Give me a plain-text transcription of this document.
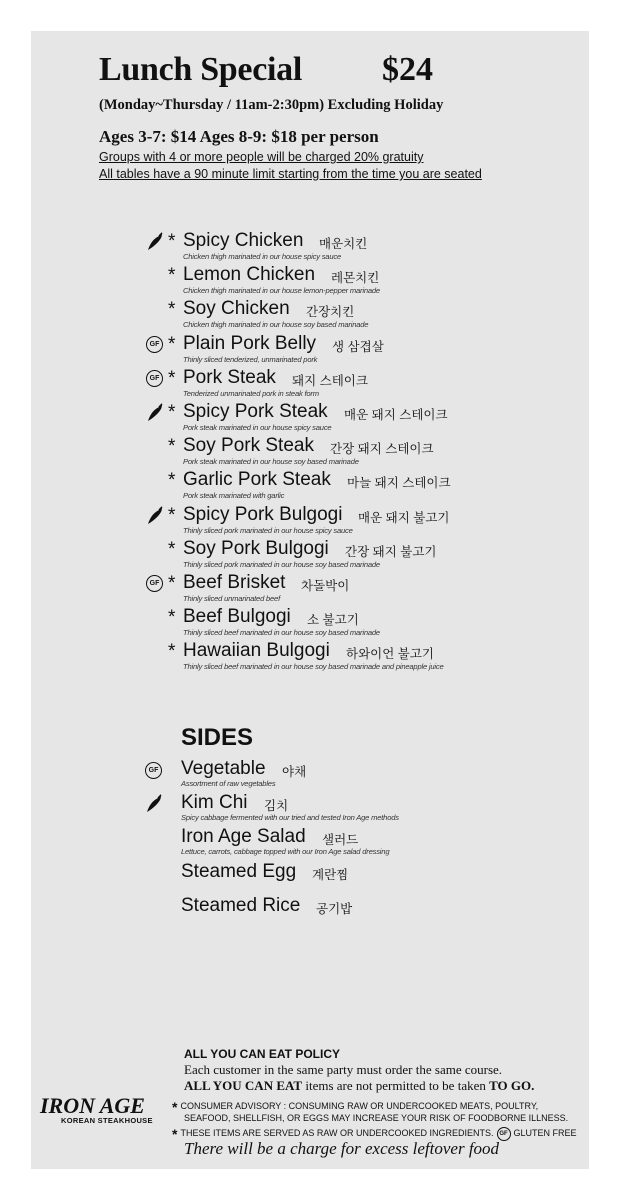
Lunch Special $24
(Monday~Thursday / 11am-2:30pm) Excluding Holiday
Ages 3-7: $14 Ages 8-9: $18 per person
Groups with 4 or more people will be charged 20% gratuity
All tables have a 90 minute limit starting from the time you are seated
* Spicy Chicken 매운치킨
Chicken thigh marinated in our house spicy sauce
* Lemon Chicken 레몬치킨
Chicken thigh marinated in our house lemon-pepper marinade
* Soy Chicken 간장치킨
Chicken thigh marinated in our house soy based marinade
GF * Plain Pork Belly 생 삼겹살
Thinly sliced tenderized, unmarinated pork
GF * Pork Steak 돼지 스테이크
Tenderized unmarinated pork in steak form
* Spicy Pork Steak 매운 돼지 스테이크
Pork steak marinated in our house spicy sauce
* Soy Pork Steak 간장 돼지 스테이크
Pork steak marinated in our house soy based marinade
* Garlic Pork Steak 마늘 돼지 스테이크
Pork steak marinated with garlic
* Spicy Pork Bulgogi 매운 돼지 불고기
Thinly sliced pork marinated in our house spicy sauce
* Soy Pork Bulgogi 간장 돼지 불고기
Thinly sliced pork marinated in our house soy based marinade
GF * Beef Brisket 차돌박이
Thinly sliced unmarinated beef
* Beef Bulgogi 소 불고기
Thinly sliced beef marinated in our house soy based marinade
* Hawaiian Bulgogi 하와이언 불고기
Thinly sliced beef marinated in our house soy based marinade and pineapple juice
SIDES
GF Vegetable 야채
Assortment of raw vegetables
Kim Chi 김치
Spicy cabbage fermented with our tried and tested Iron Age methods
Iron Age Salad 샐러드
Lettuce, carrots, cabbage topped with our Iron Age salad dressing
Steamed Egg 계란찜
Steamed Rice 공기밥
ALL YOU CAN EAT POLICY
Each customer in the same party must order the same course.
ALL YOU CAN EAT items are not permitted to be taken TO GO.
* CONSUMER ADVISORY : CONSUMING RAW OR UNDERCOOKED MEATS, POULTRY,
SEAFOOD, SHELLFISH, OR EGGS MAY INCREASE YOUR RISK OF FOODBORNE ILLNESS.
* THESE ITEMS ARE SERVED AS RAW OR UNDERCOOKED INGREDIENTS. GF GLUTEN FREE
There will be a charge for excess leftover food
IRON AGE
KOREAN STEAKHOUSE
